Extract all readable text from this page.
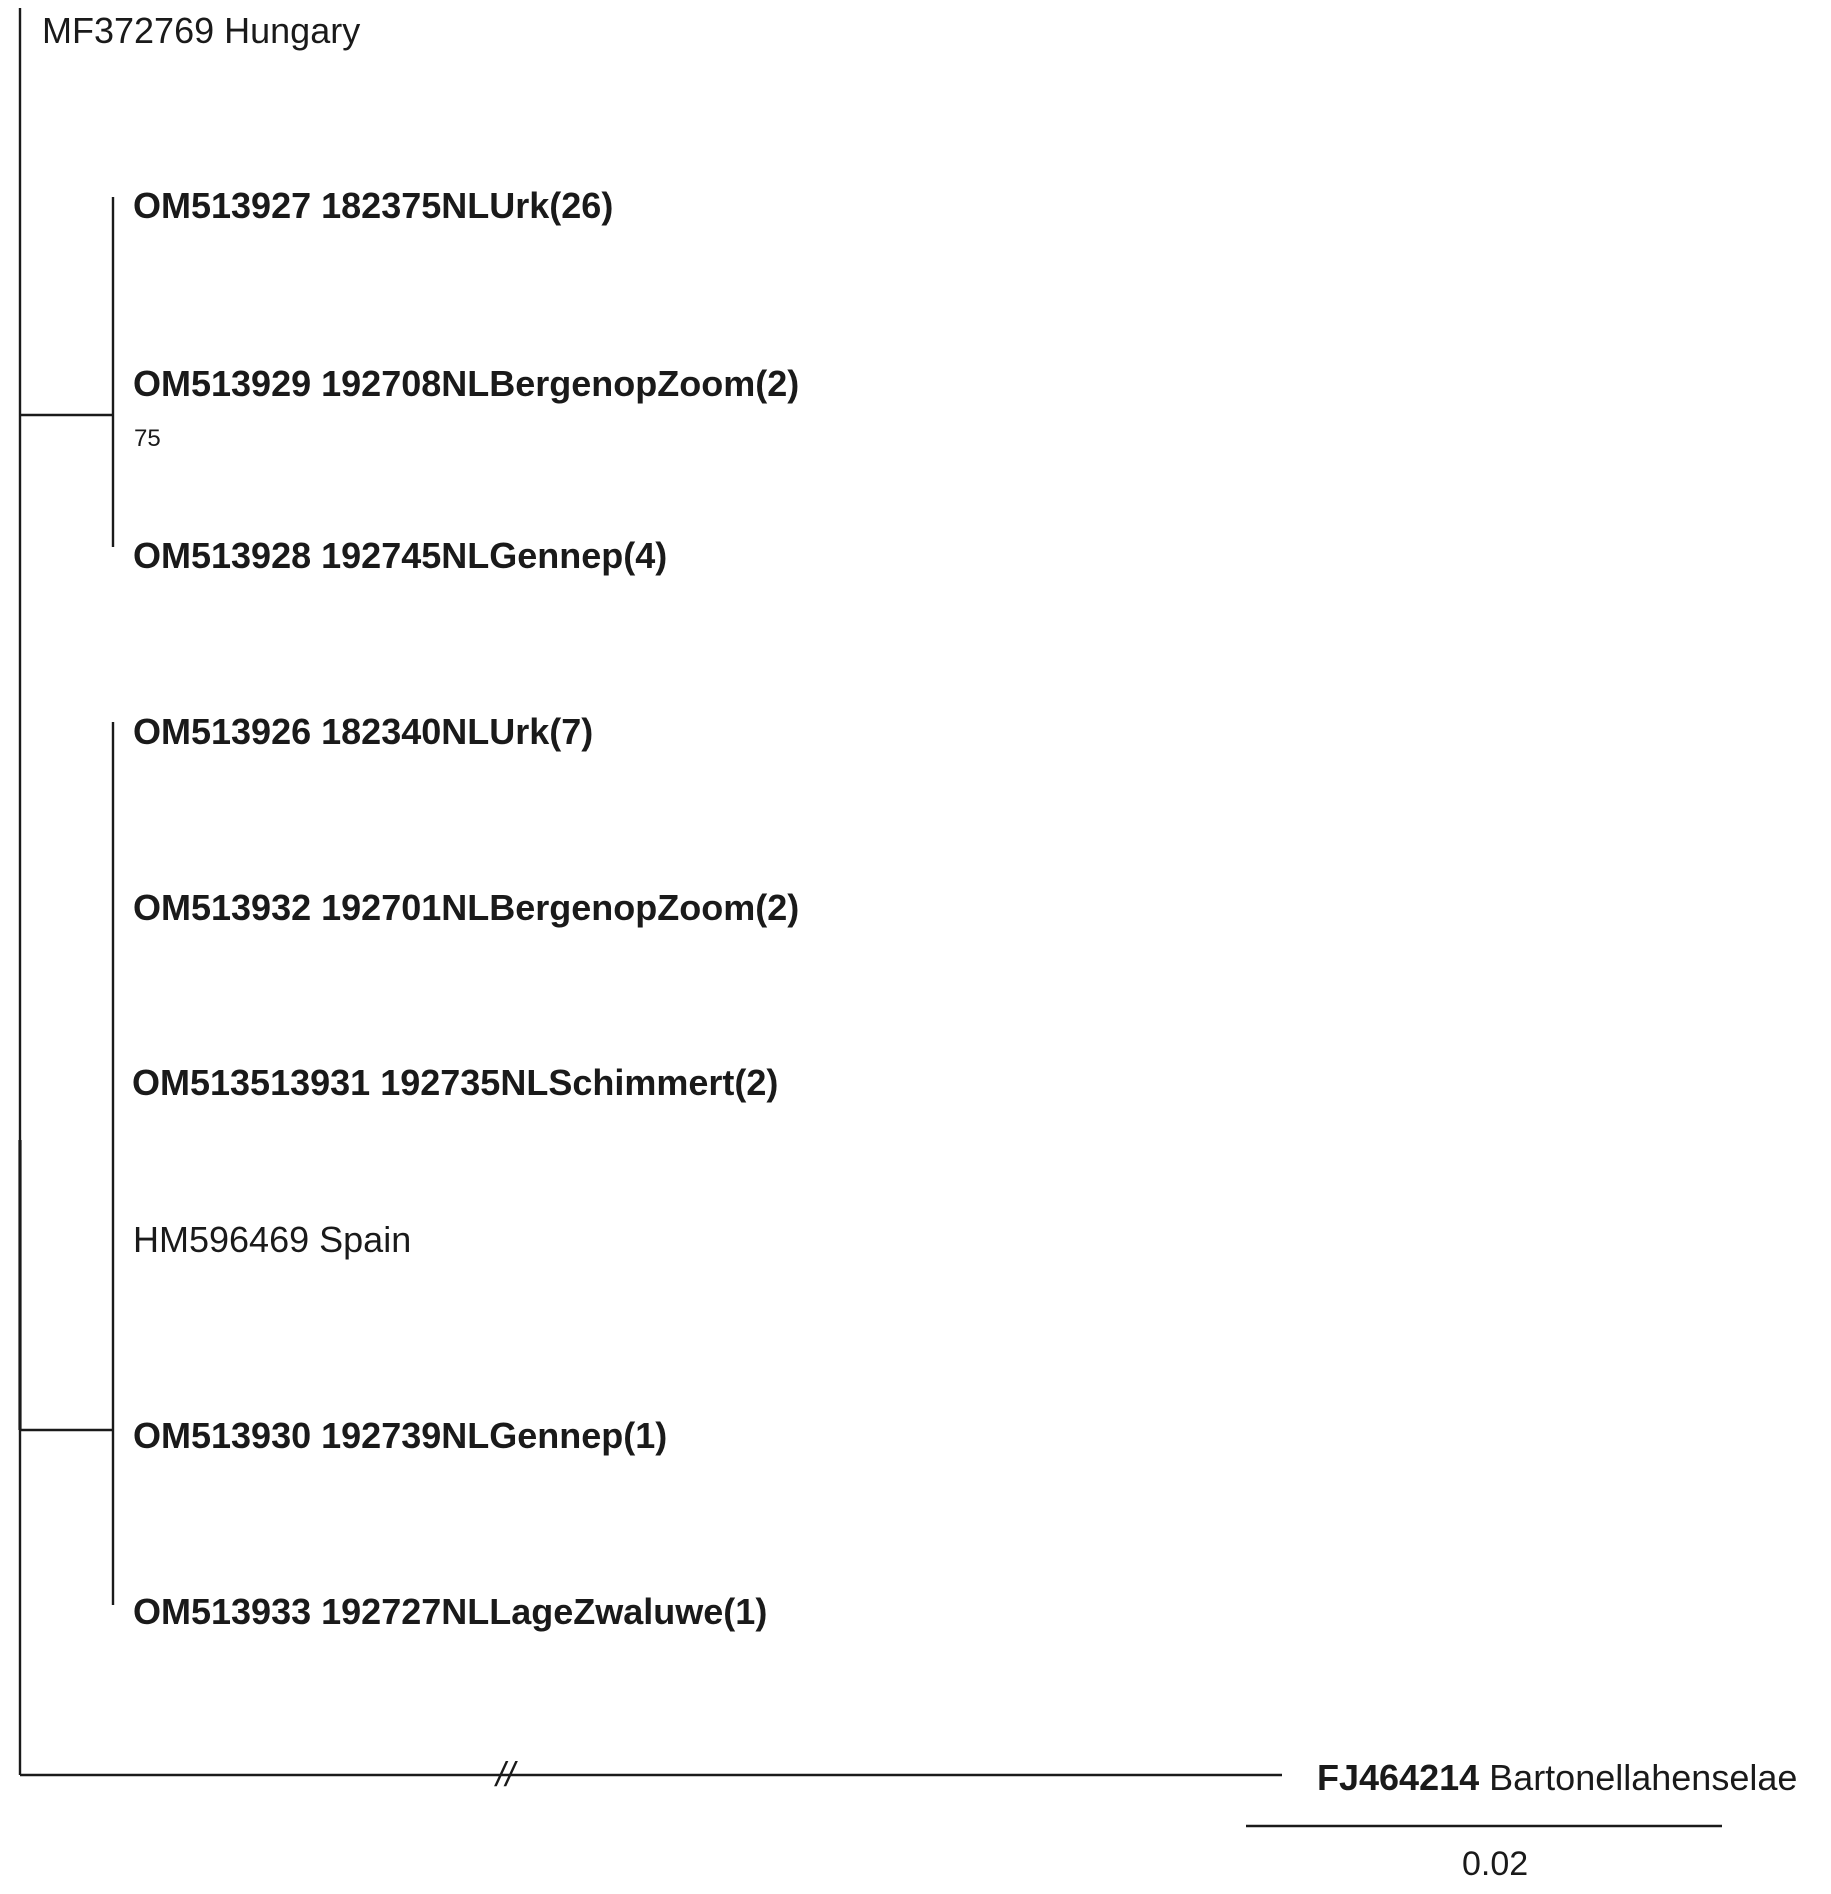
MF372769 Hungary
OM513927 182375NLUrk(26)
OM513929 192708NLBergenopZoom(2)
75
OM513928 192745NLGennep(4)
OM513926 182340NLUrk(7)
OM513932 192701NLBergenopZoom(2)
OM513513931 192735NLSchimmert(2)
HM596469 Spain
OM513930 192739NLGennep(1)
OM513933 192727NLLageZwaluwe(1)
//	FJ464214 Bartonellahenselae
0.02
